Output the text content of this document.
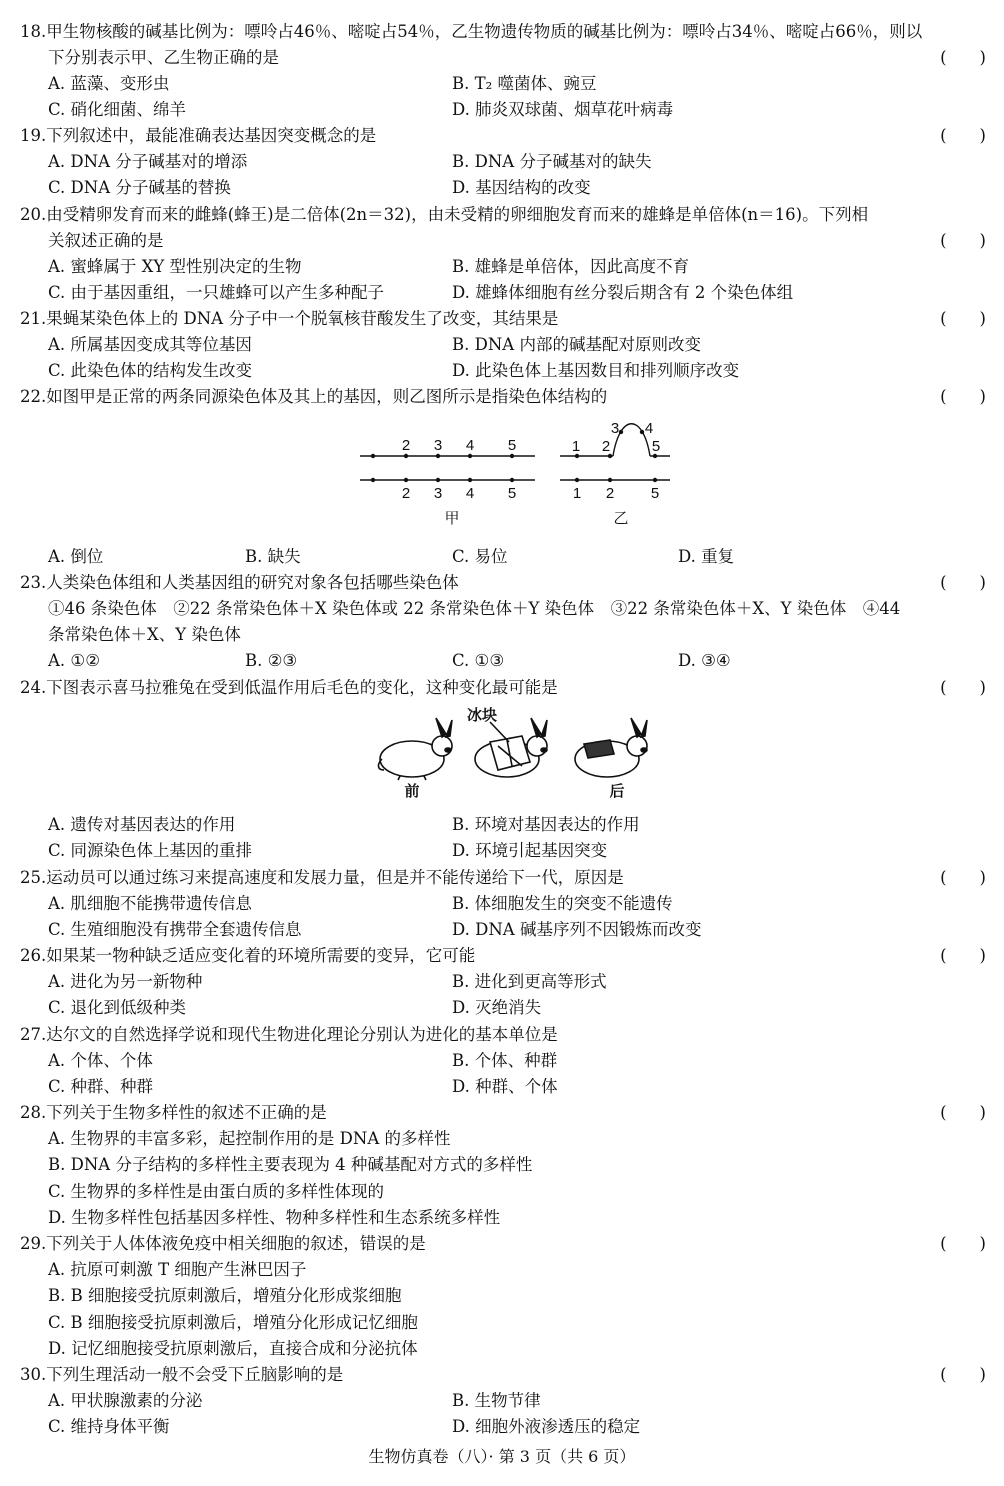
18.甲生物核酸的碱基比例为：嘌呤占46％、嘧啶占54％，乙生物遗传物质的碱基比例为：嘌呤占34％、嘧啶占66％，则以
下分别表示甲、乙生物正确的是	(　　)
A. 蓝藻、变形虫	B. T₂ 噬菌体、豌豆
C. 硝化细菌、绵羊	D. 肺炎双球菌、烟草花叶病毒
19.下列叙述中，最能准确表达基因突变概念的是	(　　)
A. DNA 分子碱基对的增添	B. DNA 分子碱基对的缺失
C. DNA 分子碱基的替换	D. 基因结构的改变
20.由受精卵发育而来的雌蜂(蜂王)是二倍体(2n＝32)，由未受精的卵细胞发育而来的雄蜂是单倍体(n＝16)。下列相
关叙述正确的是	(　　)
A. 蜜蜂属于 XY 型性别决定的生物	B. 雄蜂是单倍体，因此高度不育
C. 由于基因重组，一只雄蜂可以产生多种配子	D. 雄蜂体细胞有丝分裂后期含有 2 个染色体组
21.果蝇某染色体上的 DNA 分子中一个脱氧核苷酸发生了改变，其结果是	(　　)
A. 所属基因变成其等位基因	B. DNA 内部的碱基配对原则改变
C. 此染色体的结构发生改变	D. 此染色体上基因数目和排列顺序改变
22.如图甲是正常的两条同源染色体及其上的基因，则乙图所示是指染色体结构的	(　　)
2 3 4 5
2 3 4 5
1 2
3 4
5
1 2 5
甲	乙
A. 倒位	B. 缺失	C. 易位	D. 重复
23.人类染色体组和人类基因组的研究对象各包括哪些染色体	(　　)
①46 条染色体　②22 条常染色体＋X 染色体或 22 条常染色体＋Y 染色体　③22 条常染色体＋X、Y 染色体　④44
条常染色体＋X、Y 染色体
A. ①②	B. ②③	C. ①③	D. ③④
24.下图表示喜马拉雅兔在受到低温作用后毛色的变化，这种变化最可能是	(　　)
冰块
前	后
A. 遗传对基因表达的作用	B. 环境对基因表达的作用
C. 同源染色体上基因的重排	D. 环境引起基因突变
25.运动员可以通过练习来提高速度和发展力量，但是并不能传递给下一代，原因是	(　　)
A. 肌细胞不能携带遗传信息	B. 体细胞发生的突变不能遗传
C. 生殖细胞没有携带全套遗传信息	D. DNA 碱基序列不因锻炼而改变
26.如果某一物种缺乏适应变化着的环境所需要的变异，它可能	(　　)
A. 进化为另一新物种	B. 进化到更高等形式
C. 退化到低级种类	D. 灭绝消失
27.达尔文的自然选择学说和现代生物进化理论分别认为进化的基本单位是
A. 个体、个体	B. 个体、种群
C. 种群、种群	D. 种群、个体
28.下列关于生物多样性的叙述不正确的是	(　　)
A. 生物界的丰富多彩，起控制作用的是 DNA 的多样性
B. DNA 分子结构的多样性主要表现为 4 种碱基配对方式的多样性
C. 生物界的多样性是由蛋白质的多样性体现的
D. 生物多样性包括基因多样性、物种多样性和生态系统多样性
29.下列关于人体体液免疫中相关细胞的叙述，错误的是	(　　)
A. 抗原可刺激 T 细胞产生淋巴因子
B. B 细胞接受抗原刺激后，增殖分化形成浆细胞
C. B 细胞接受抗原刺激后，增殖分化形成记忆细胞
D. 记忆细胞接受抗原刺激后，直接合成和分泌抗体
30.下列生理活动一般不会受下丘脑影响的是	(　　)
A. 甲状腺激素的分泌	B. 生物节律
C. 维持身体平衡	D. 细胞外液渗透压的稳定
生物仿真卷（八）· 第 3 页（共 6 页）
